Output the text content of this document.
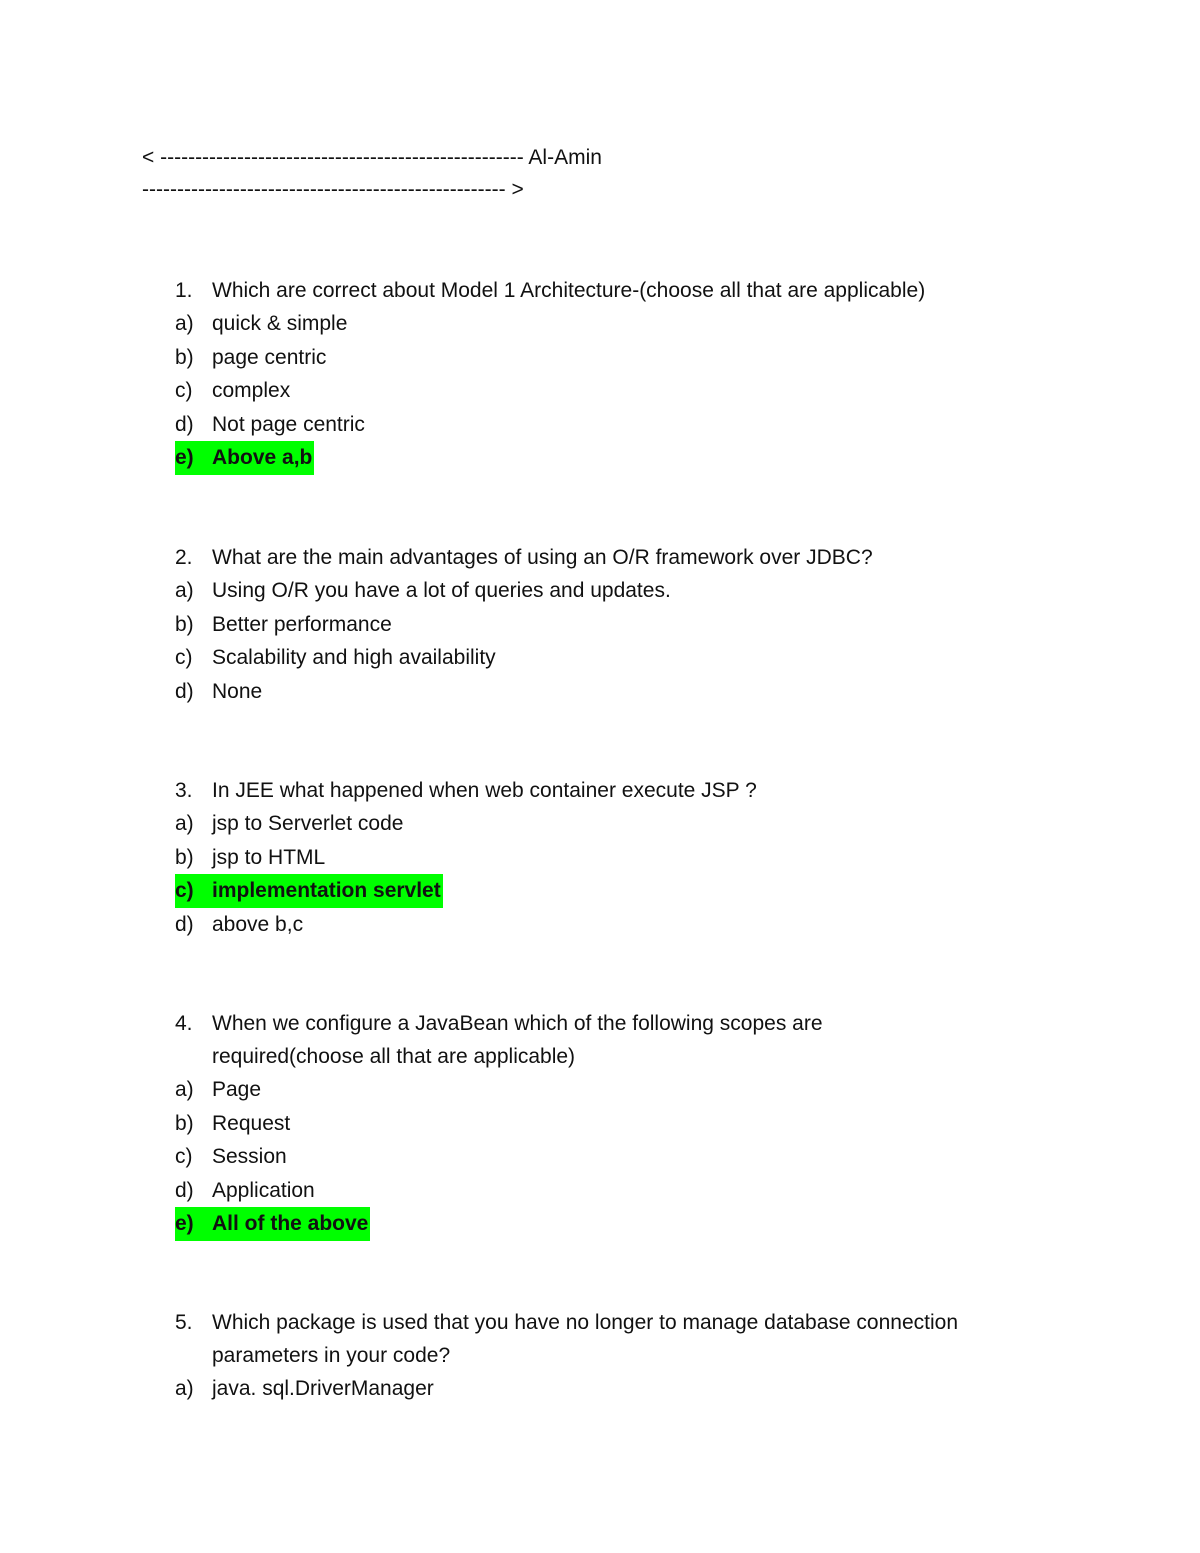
< ---------------------------------------------------- Al-Amin
---------------------------------------------------- >
1. Which are correct about Model 1 Architecture-(choose all that are applicable)
a) quick & simple
b) page centric
c) complex
d) Not page centric
e) Above a,b
2. What are the main advantages of using an O/R framework over JDBC?
a) Using O/R you have a lot of queries and updates.
b) Better performance
c) Scalability and high availability
d) None
3. In JEE what happened when web container execute JSP ?
a) jsp to Serverlet code
b) jsp to HTML
c) implementation servlet
d) above b,c
4. When we configure a JavaBean which of the following scopes are required(choose all that are applicable)
a) Page
b) Request
c) Session
d) Application
e) All of the above
5. Which package is used that you have no longer to manage database connection parameters in your code?
a) java. sql.DriverManager
